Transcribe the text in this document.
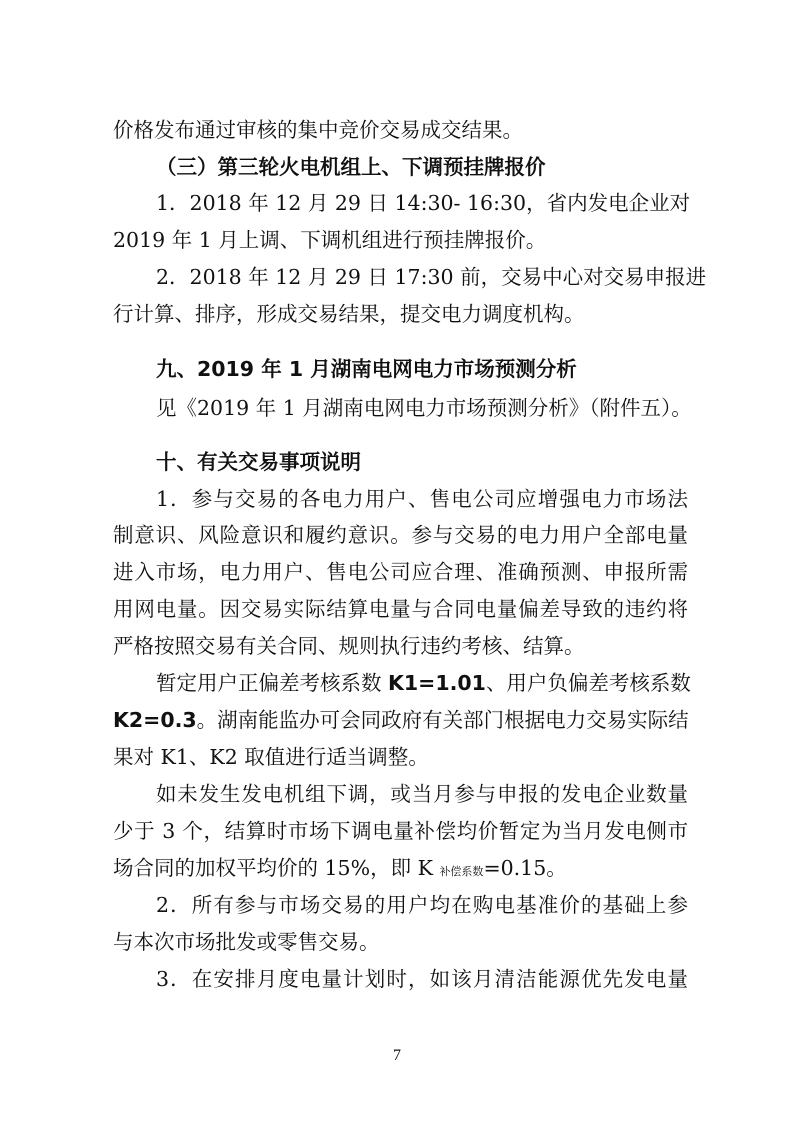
价格发布通过审核的集中竞价交易成交结果。
（三）第三轮火电机组上、下调预挂牌报价
1．2018 年 12 月 29 日 14:30- 16:30，省内发电企业对
2019 年 1 月上调、下调机组进行预挂牌报价。
2．2018 年 12 月 29 日 17:30 前，交易中心对交易申报进
行计算、排序，形成交易结果，提交电力调度机构。
九、2019 年 1 月湖南电网电力市场预测分析
见《2019 年 1 月湖南电网电力市场预测分析》（附件五）。
十、有关交易事项说明
1．参与交易的各电力用户、售电公司应增强电力市场法
制意识、风险意识和履约意识。参与交易的电力用户全部电量
进入市场，电力用户、售电公司应合理、准确预测、申报所需
用网电量。因交易实际结算电量与合同电量偏差导致的违约将
严格按照交易有关合同、规则执行违约考核、结算。
暂定用户正偏差考核系数 K1=1.01、用户负偏差考核系数
K2=0.3。湖南能监办可会同政府有关部门根据电力交易实际结
果对 K1、K2 取值进行适当调整。
如未发生发电机组下调，或当月参与申报的发电企业数量
少于 3 个，结算时市场下调电量补偿均价暂定为当月发电侧市
场合同的加权平均价的 15%，即 K 补偿系数=0.15。
2．所有参与市场交易的用户均在购电基准价的基础上参
与本次市场批发或零售交易。
3．在安排月度电量计划时，如该月清洁能源优先发电量
7
